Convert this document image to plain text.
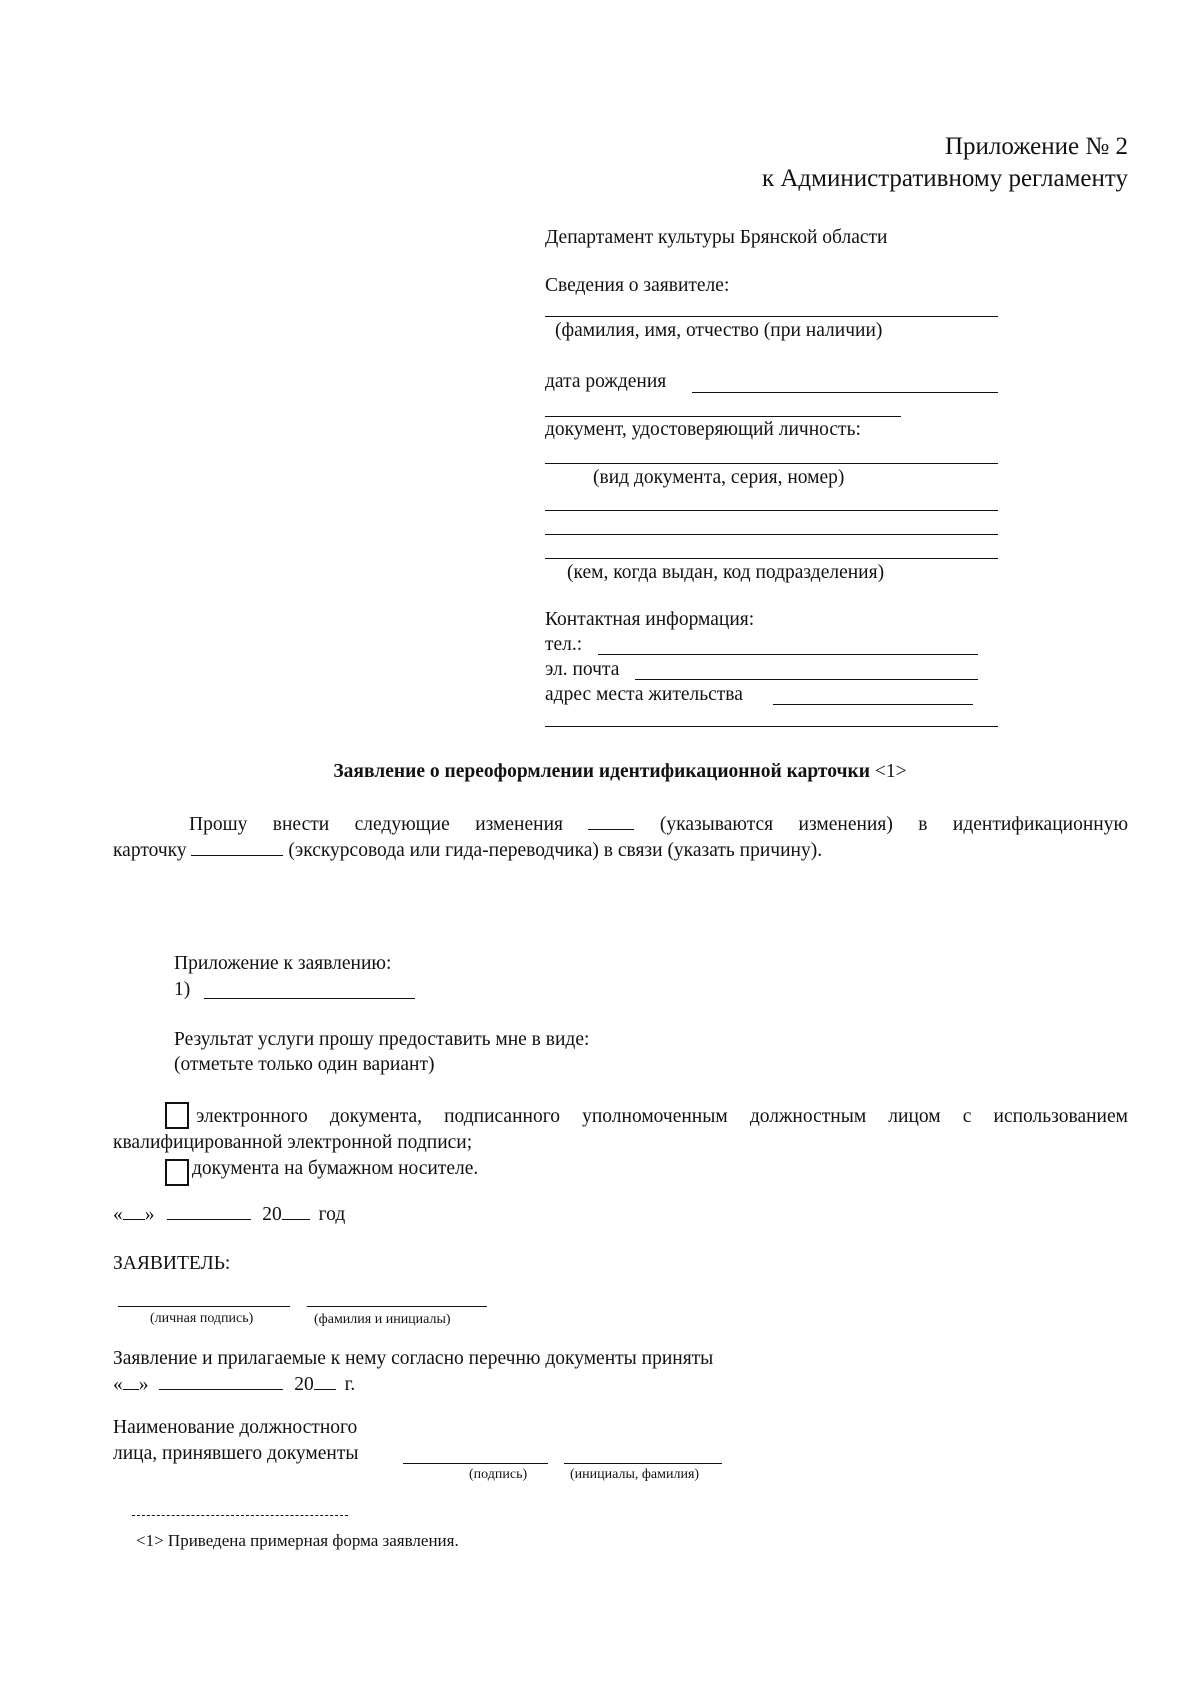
Приложение № 2
к Административному регламенту
Департамент культуры Брянской области
Сведения о заявителе:
(фамилия, имя, отчество (при наличии)
дата рождения
документ, удостоверяющий личность:
(вид документа, серия, номер)
(кем, когда выдан, код подразделения)
Контактная информация:
тел.:
эл. почта
адрес места жительства
Заявление о переоформлении идентификационной карточки <1>
Прошу внести следующие изменения	(указываются изменения) в идентификационную
карточку	(экскурсовода или гида-переводчика) в связи (указать причину).
Приложение к заявлению:
1)
Результат услуги прошу предоставить мне в виде:
(отметьте только один вариант)
электронного документа, подписанного уполномоченным должностным лицом с использованием
квалифицированной электронной подписи;
документа на бумажном носителе.
« »	20 год
ЗАЯВИТЕЛЬ:
(личная подпись)	(фамилия и инициалы)
Заявление и прилагаемые к нему согласно перечню документы приняты
« »	20 г.
Наименование должностного
лица, принявшего документы
(подпись)	(инициалы, фамилия)
<1> Приведена примерная форма заявления.
